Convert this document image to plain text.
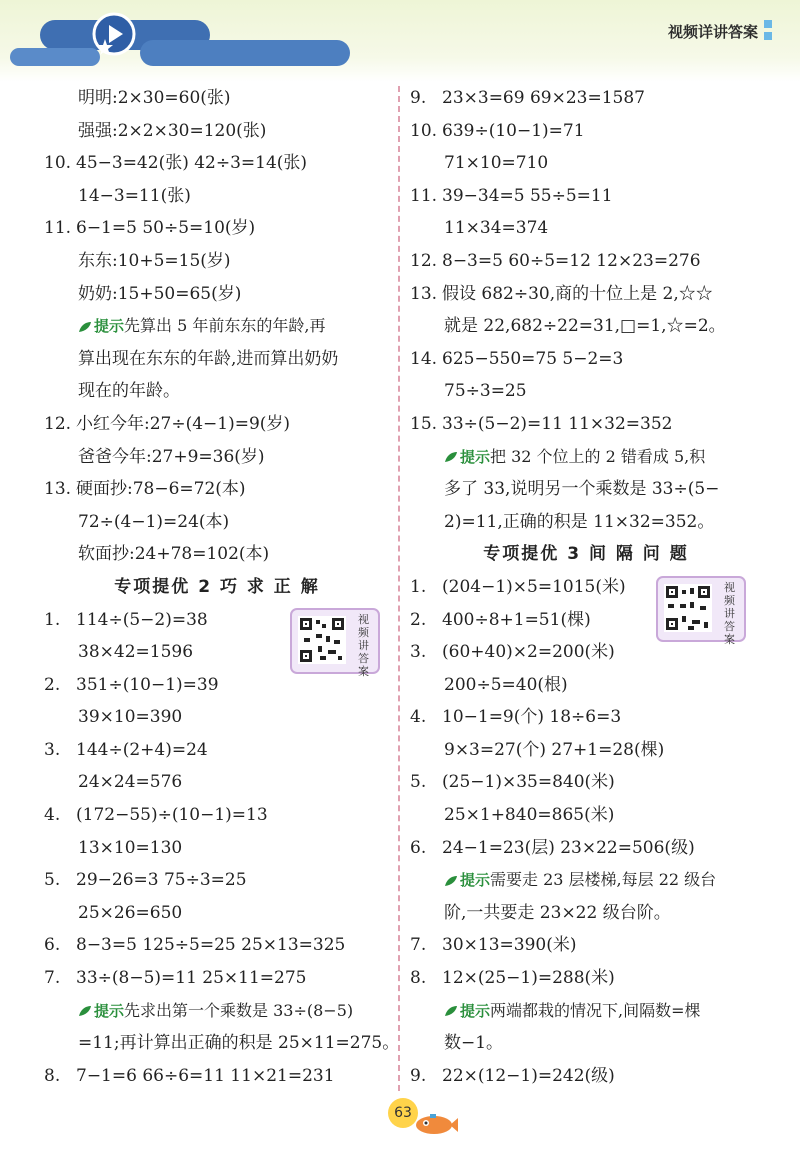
视频详讲答案
明明:2×30=60(张)
强强:2×2×30=120(张)
10. 45−3=42(张) 42÷3=14(张)
14−3=11(张)
11. 6−1=5 50÷5=10(岁)
东东:10+5=15(岁)
奶奶:15+50=65(岁)
提示先算出 5 年前东东的年龄,再
算出现在东东的年龄,进而算出奶奶
现在的年龄。
12. 小红今年:27÷(4−1)=9(岁)
爸爸今年:27+9=36(岁)
13. 硬面抄:78−6=72(本)
72÷(4−1)=24(本)
软面抄:24+78=102(本)
专项提优 2 巧 求 正 解
1. 114÷(5−2)=38
38×42=1596
2. 351÷(10−1)=39
39×10=390
3. 144÷(2+4)=24
24×24=576
4. (172−55)÷(10−1)=13
13×10=130
5. 29−26=3 75÷3=25
25×26=650
6. 8−3=5 125÷5=25 25×13=325
7. 33÷(8−5)=11 25×11=275
提示先求出第一个乘数是 33÷(8−5)
=11;再计算出正确的积是 25×11=275。
8. 7−1=6 66÷6=11 11×21=231
9. 23×3=69 69×23=1587
10. 639÷(10−1)=71
71×10=710
11. 39−34=5 55÷5=11
11×34=374
12. 8−3=5 60÷5=12 12×23=276
13. 假设 682÷30,商的十位上是 2,☆☆
就是 22,682÷22=31,□=1,☆=2。
14. 625−550=75 5−2=3
75÷3=25
15. 33÷(5−2)=11 11×32=352
提示把 32 个位上的 2 错看成 5,积
多了 33,说明另一个乘数是 33÷(5−
2)=11,正确的积是 11×32=352。
专项提优 3 间 隔 问 题
1. (204−1)×5=1015(米)
2. 400÷8+1=51(棵)
3. (60+40)×2=200(米)
200÷5=40(根)
4. 10−1=9(个) 18÷6=3
9×3=27(个) 27+1=28(棵)
5. (25−1)×35=840(米)
25×1+840=865(米)
6. 24−1=23(层) 23×22=506(级)
提示需要走 23 层楼梯,每层 22 级台
阶,一共要走 23×22 级台阶。
7. 30×13=390(米)
8. 12×(25−1)=288(米)
提示两端都栽的情况下,间隔数=棵
数−1。
9. 22×(12−1)=242(级)
视频讲答案
视频讲答案
63
